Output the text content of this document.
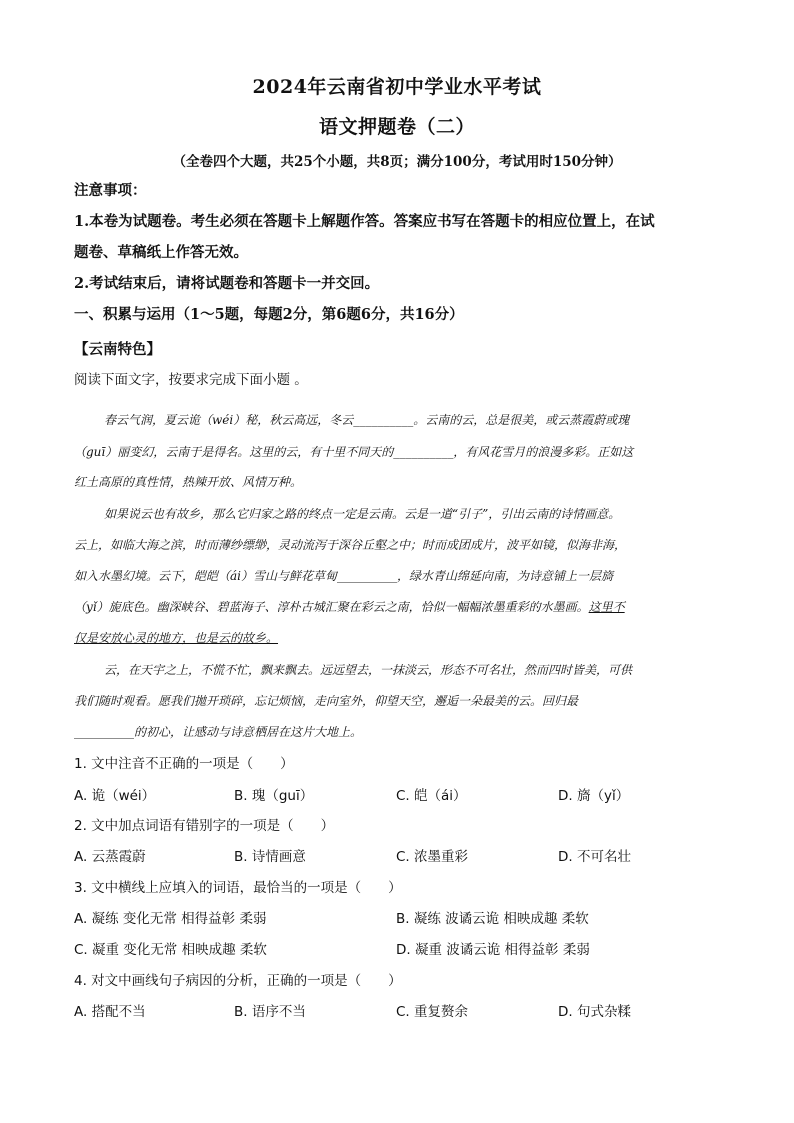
2024年云南省初中学业水平考试
语文押题卷（二）
（全卷四个大题，共25个小题，共8页；满分100分，考试用时150分钟）
注意事项：
1.本卷为试题卷。考生必须在答题卡上解题作答。答案应书写在答题卡的相应位置上，在试
题卷、草稿纸上作答无效。
2.考试结束后，请将试题卷和答题卡一并交回。
一、积累与运用（1～5题，每题2分，第6题6分，共16分）
【云南特色】
阅读下面文字，按要求完成下面小题 。
春云气润，夏云诡（wéi）秘，秋云高远，冬云__________。云南的云，总是很美，或云蒸霞蔚或瑰
（guī）丽变幻，云南于是得名。这里的云，有十里不同天的__________，有风花雪月的浪漫多彩。正如这
红土高原的真性情，热辣开放、风情万种。
如果说云也有故乡，那么它归家之路的终点一定是云南。云是一道“引子”，引出云南的诗情画意。
云上，如临大海之滨，时而薄纱缥缈，灵动流泻于深谷丘壑之中；时而成团成片，波平如镜，似海非海，
如入水墨幻境。云下，皑皑（ái）雪山与鲜花草甸__________，绿水青山绵延向南，为诗意铺上一层旖
（yǐ）旎底色。幽深峡谷、碧蓝海子、淳朴古城汇聚在彩云之南，恰似一幅幅浓墨重彩的水墨画。这里不
仅是安放心灵的地方，也是云的故乡。
云，在天宇之上，不慌不忙，飘来飘去。远远望去，一抹淡云，形态不可名壮，然而四时皆美，可供
我们随时观看。愿我们拋开琐碎，忘记烦恼，走向室外，仰望天空，邂逅一朵最美的云。回归最
__________的初心，让感动与诗意栖居在这片大地上。
1. 文中注音不正确的一项是（　　）
A. 诡（wéi）	B. 瑰（guī）	C. 皑（ái）	D. 旖（yǐ）
2. 文中加点词语有错别字的一项是（　　）
A. 云蒸霞蔚	B. 诗情画意	C. 浓墨重彩	D. 不可名壮
3. 文中横线上应填入的词语，最恰当的一项是（　　）
A. 凝练 变化无常 相得益彰 柔弱	B. 凝练 波谲云诡 相映成趣 柔软
C. 凝重 变化无常 相映成趣 柔软	D. 凝重 波谲云诡 相得益彰 柔弱
4. 对文中画线句子病因的分析，正确的一项是（　　）
A. 搭配不当	B. 语序不当	C. 重复赘余	D. 句式杂糅
